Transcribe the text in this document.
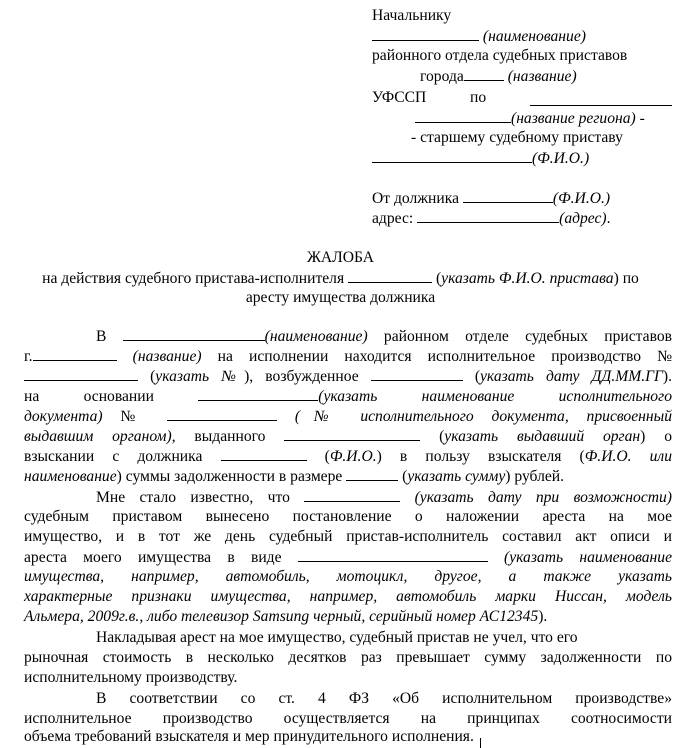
Начальнику
(наименование)
районного отдела судебных приставов
города	(название)
УФССП	по
(название региона) -
- старшему судебному приставу
(Ф.И.О.)
От должника	(Ф.И.О.)
адрес:	(адрес).
ЖАЛОБА
на действия судебного пристава-исполнителя	(указать Ф.И.О. пристава) по
аресту имущества должника
В	(наименование) районном отделе судебных приставов
г.	(название) на исполнении находится исполнительное производство №
(указать №), возбужденное	(указать дату ДД.ММ.ГГ).
на основании	(указать наименование исполнительного
документа) №	(№ исполнительного документа, присвоенный
выдавшим органом), выданного	(указать выдавший орган) о
взыскании с должника	(Ф.И.О.) в пользу взыскателя (Ф.И.О. или
наименование) суммы задолженности в размере	(указать сумму) рублей.
Мне стало известно, что	(указать дату при возможности)
судебным приставом вынесено постановление о наложении ареста на мое
имущество, и в тот же день судебный пристав-исполнитель составил акт описи и
ареста моего имущества в виде	(указать наименование
имущества, например, автомобиль, мотоцикл, другое, а также указать
характерные признаки имущества, например, автомобиль марки Ниссан, модель
Альмера, 2009г.в., либо телевизор Samsung черный, серийный номер АС12345).
Накладывая арест на мое имущество, судебный пристав не учел, что его
рыночная стоимость в несколько десятков раз превышает сумму задолженности по
исполнительному производству.
В соответствии со ст. 4 ФЗ «Об исполнительном производстве»
исполнительное производство осуществляется на принципах соотносимости
объема требований взыскателя и мер принудительного исполнения.
